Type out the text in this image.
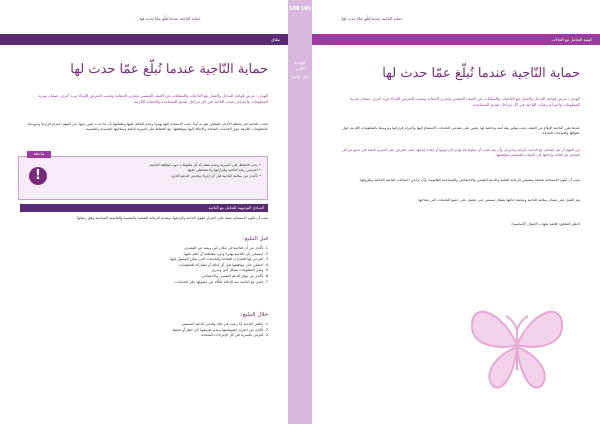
حماية الناجية عندما تُبلّغ عمّا حدث لها
نطاق
حماية النّاجية عندما تُبلّغ عمّا حدث لها
الهدف: عرض قواعد التدخل والعمل مع الناجيات والمبلغات عن العنف الجنسي وتعزيز الحماية وتجنب التعرض للإيذاء مرة أخرى. ضمان سرية المعلومات واحترام رغبات الناجية في كل مراحل تقديم المساعدة والحماية اللازمة.
تحدث الناجية في معظم الأحيان لشخص تثق به أولاً. يجب الاستماع إليها بهدوء وعدم الحكم عليها وطمأنتها بأن ما حدث ليس ذنبها. من المهم احترام قرارها وتزويدها بالمعلومات اللازمة حول الخدمات المتاحة والإحالة إليها بموافقتها، مع الحفاظ على السرية التامة وسلامتها الجسدية والنفسية.
ملاحظة
!
• يجب الحفاظ على السرية وعدم مشاركة أي معلومات دون موافقة الناجية.
• احترمي رغبة الناجية وقراراتها ولا تضغطي عليها.
• تأكدي من سلامة الناجية قبل أي إجراء وقدمي الدعم اللازم.
المبادئ التوجيهية للتعامل مع الناجية
يجب أن تكون الاستجابة مبنية على احترام حقوق الناجية وكرامتها، وتقديم الرعاية الصحية والنفسية والقانونية المناسبة وفق رغباتها.
قبل التبليغ:
1. تأكدي من أن الناجية في مكان آمن وبعيد عن المعتدي.
2. استمعي إلى الناجية بهدوء ودون مقاطعة أو حكم عليها.
3. اشرحي لها الخيارات المتاحة والخدمات التي يمكن الوصول إليها.
4. احصلي على موافقتها قبل أي إحالة أو مشاركة للمعلومات.
5. وثقي المعلومات بشكل آمن وسري.
6. تأكدي من توفر الدعم النفسي والاجتماعي.
7. تابعي مع الناجية بعد الإحالة للتأكد من حصولها على الخدمات.
خلال التبليغ:
1. رافقي الناجية إذا رغبت في ذلك وقدمي الدعم المستمر.
2. تأكدي من احترام خصوصيتها وعدم تعريضها لأي خطر أو ضغط.
3. التزمي بالسرية في كل الإجراءات المتخذة.
100 100
الوحدة الثانية
دليل العمل
حماية الناجية عندما تُبلّغ عمّا حدث لها
كيفية التعامل مع الحالات
حماية النّاجية عندما تُبلّغ عمّا حدث لها
الهدف: عرض قواعد التدخل والعمل مع الناجيات والمبلغات عن العنف الجنسي وتعزيز الحماية وتجنب التعرض للإيذاء مرة أخرى. ضمان سرية المعلومات واحترام رغبات الناجية في كل مراحل تقديم المساعدة.
عندما تقرر الناجية الإبلاغ عن العنف، يجب توفير بيئة آمنة وداعمة لها. يتعين على مقدمي الخدمات الاستماع إليها واحترام قراراتها وتزويدها بالمعلومات اللازمة حول حقوقها والخدمات المتاحة.
من المهم أن يتم التعامل مع الناجية بكرامة واحترام، وأن يتم تجنب أي سلوك قد يؤدي إلى لومها أو إعادة إيذائها. يجب الحرص على السرية التامة في جميع مراحل التعامل مع الحالة وإحالتها إلى الجهات المختصة بموافقتها.
يجب أن تكون الاستجابة شاملة وتتضمن الرعاية الطبية والدعم النفسي والاجتماعي والمساعدة القانونية، وأن تراعي احتياجات الناجية الخاصة وظروفها.
يتم العمل على ضمان سلامة الناجية ومتابعة حالتها بشكل مستمر حتى تحصل على جميع الخدمات التي تحتاجها.
(انظر الملحق: قائمة بجهات الاتصال الأساسية)
